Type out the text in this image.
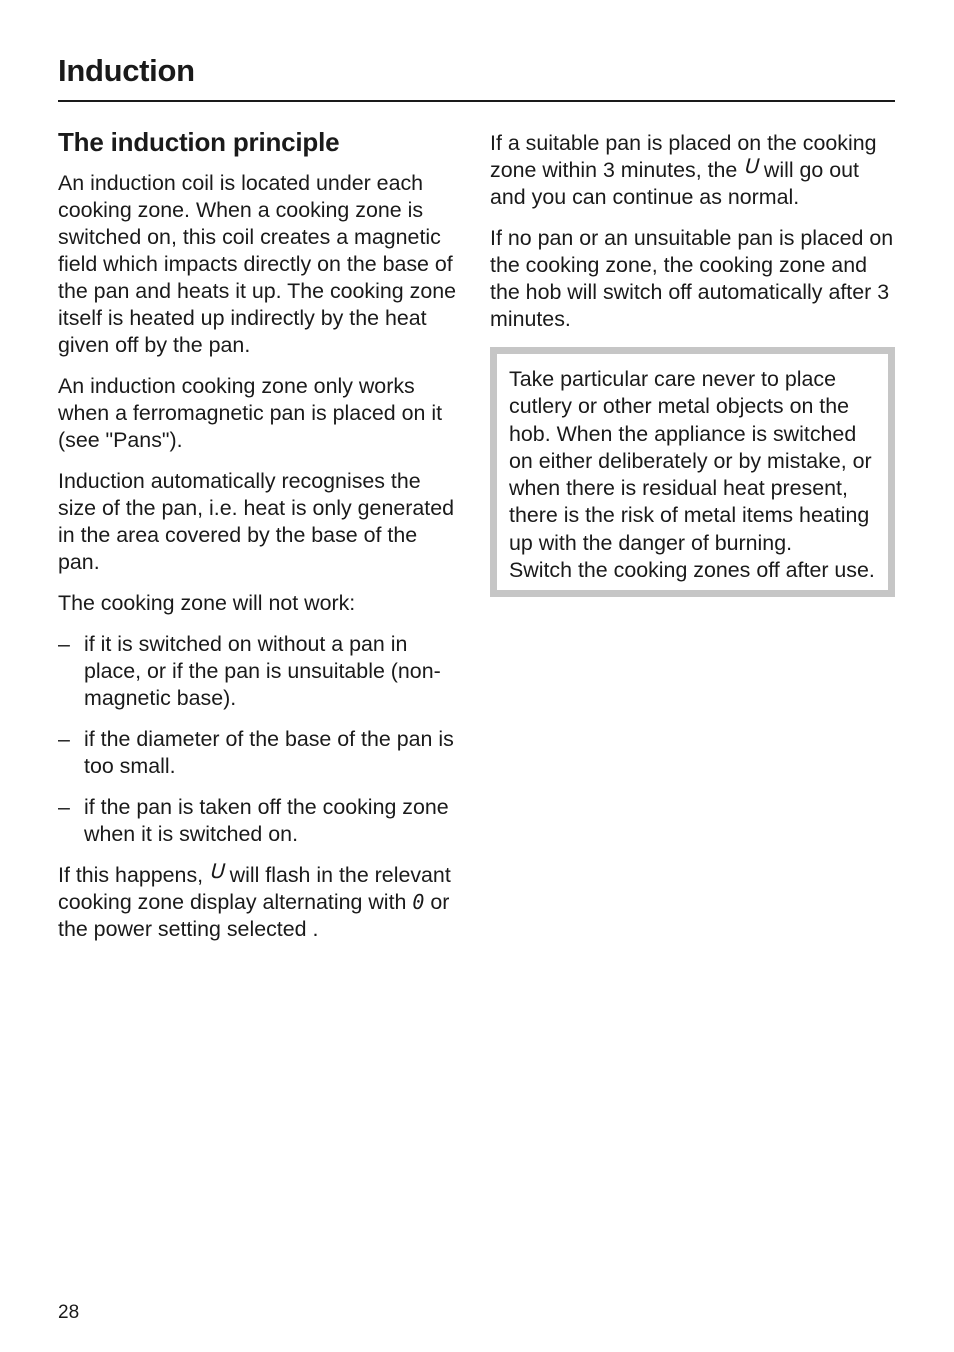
Induction
The induction principle

An induction coil is located under each cooking zone. When a cooking zone is switched on, this coil creates a magnetic field which impacts directly on the base of the pan and heats it up. The cooking zone itself is heated up indirectly by the heat given off by the pan.

An induction cooking zone only works when a ferromagnetic pan is placed on it (see "Pans").

Induction automatically recognises the size of the pan, i.e. heat is only generated in the area covered by the base of the pan.

The cooking zone will not work:

– if it is switched on without a pan in place, or if the pan is unsuitable (non-magnetic base).
– if the diameter of the base of the pan is too small.
– if the pan is taken off the cooking zone when it is switched on.

If this happens, ꓴ will flash in the relevant cooking zone display alternating with 0 or the power setting selected .

If a suitable pan is placed on the cooking zone within 3 minutes, the ꓴ will go out and you can continue as normal.

If no pan or an unsuitable pan is placed on the cooking zone, the cooking zone and the hob will switch off automatically after 3 minutes.

Take particular care never to place cutlery or other metal objects on the hob. When the appliance is switched on either deliberately or by mistake, or when there is residual heat present, there is the risk of metal items heating up with the danger of burning.

Switch the cooking zones off after use.

28
